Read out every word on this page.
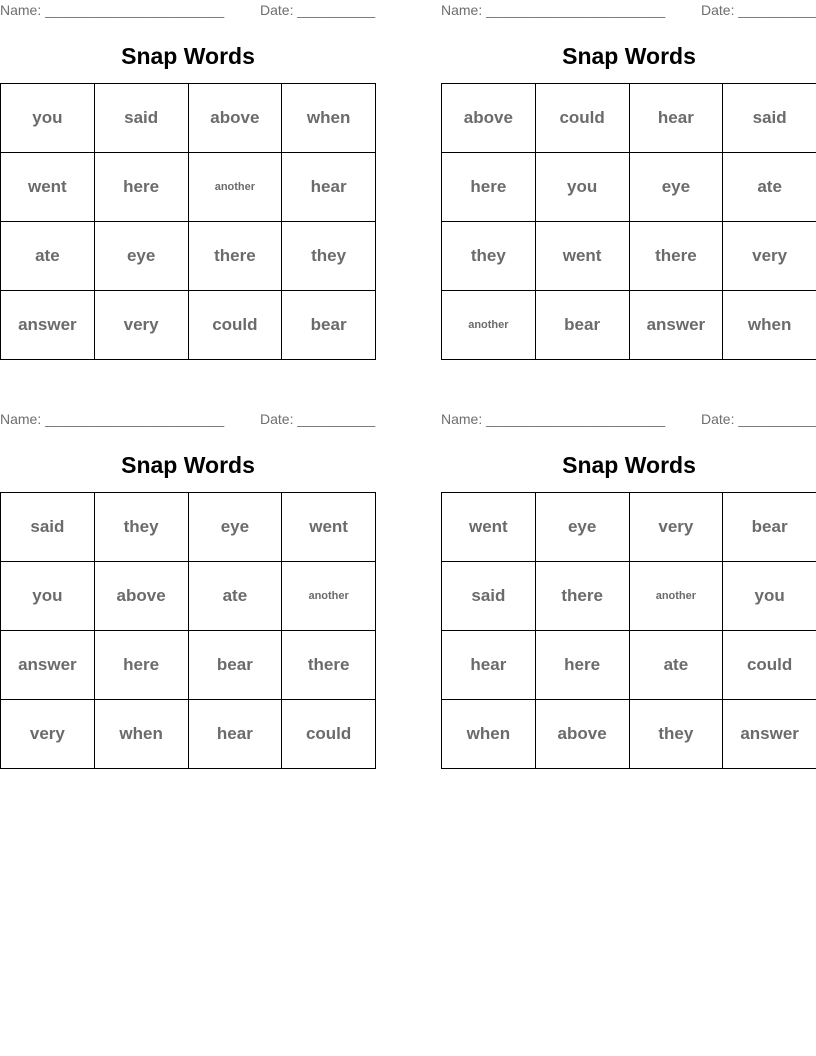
Name: _______________________	Date: __________
Snap Words
you	said	above	when
went	here	another	hear
ate	eye	there	they
answer	very	could	bear
Name: _______________________	Date: __________
Snap Words
above	could	hear	said
here	you	eye	ate
they	went	there	very
another	bear	answer	when
Name: _______________________	Date: __________
Snap Words
said	they	eye	went
you	above	ate	another
answer	here	bear	there
very	when	hear	could
Name: _______________________	Date: __________
Snap Words
went	eye	very	bear
said	there	another	you
hear	here	ate	could
when	above	they	answer
